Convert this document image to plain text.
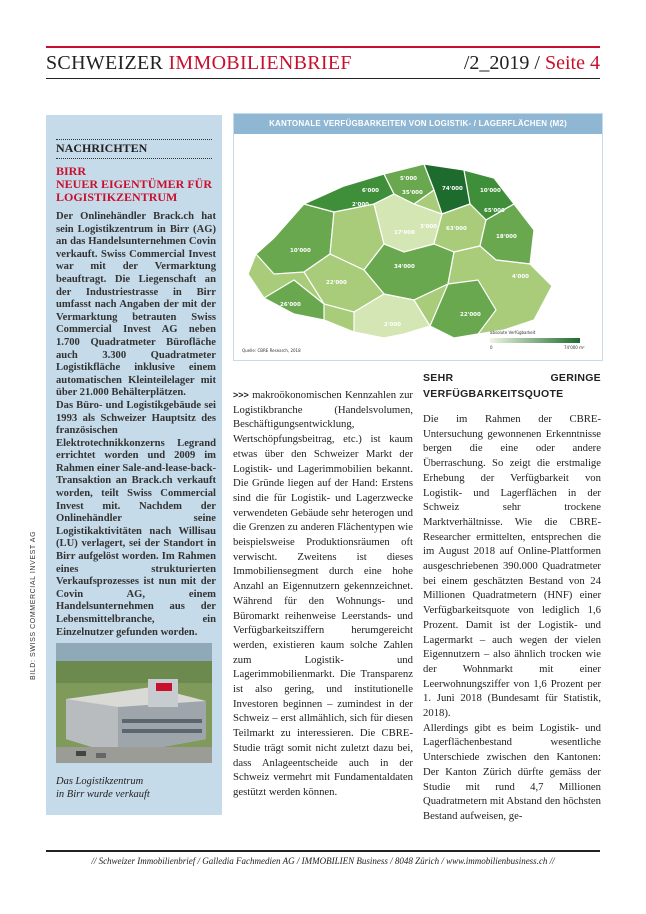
SCHWEIZER IMMOBILIENBRIEF	/2_2019 / Seite 4
NACHRICHTEN
BIRR
NEUER EIGENTÜMER FÜR LOGISTIKZENTRUM

Der Onlinehändler Brack.ch hat sein Logistikzentrum in Birr (AG) an das Handelsunternehmen Covin verkauft. Swiss Commercial Invest war mit der Vermarktung beauftragt. Die Liegenschaft an der Industriestrasse in Birr umfasst nach Angaben der mit der Vermarktung betrauten Swiss Commercial Invest AG neben 1.700 Quadratmeter Bürofläche auch 3.300 Quadratmeter Logistikfläche inklusive einem automatischen Kleinteilelager mit über 21.000 Behälterplätzen.

Das Büro- und Logistikgebäude sei 1993 als Schweizer Hauptsitz des französischen Elektrotechnikkonzerns Legrand errichtet worden und 2009 im Rahmen einer Sale-and-lease-back-Transaktion an Brack.ch verkauft worden, teilt Swiss Commercial Invest mit. Nachdem der Onlinehändler seine Logistikaktivitäten nach Willisau (LU) verlagert, sei der Standort in Birr aufgelöst worden. Im Rahmen eines strukturierten Verkaufsprozesses ist nun mit der Covin AG, einem Handelsunternehmen aus der Lebensmittelbranche, ein Einzelnutzer gefunden worden.

Das Logistikzentrum
in Birr wurde verkauft
BILD: SWISS COMMERCIAL INVEST AG
KANTONALE VERFÜGBARKEITEN VON LOGISTIK- / LAGERFLÄCHEN (M2)
6'000
5'000
35'000
74'000	10'000
2'000
65'000
3'000
17'000
63'000
10'000
18'000
34'000
22'000
4'000
26'000
22'000
2'000
Quelle: CBRE Research, 2018
absolute Verfügbarkeit
0	74'000 m²

>>> makroökonomischen Kennzahlen zur Logistikbranche (Handelsvolumen, Beschäftigungsentwicklung, Wertschöpfungsbeitrag, etc.) ist kaum etwas über den Schweizer Markt der Logistik- und Lagerimmobilien bekannt. Die Gründe liegen auf der Hand: Erstens sind die für Logistik- und Lagerzwecke verwendeten Gebäude sehr heterogen und die Grenzen zu anderen Flächentypen wie beispielsweise Produktionsräumen oft verwischt. Zweitens ist dieses Immobiliensegment durch eine hohe Anzahl an Eigennutzern gekennzeichnet. Während für den Wohnungs- und Büromarkt reihenweise Leerstands- und Verfügbarkeitsziffern herumgereicht werden, existieren kaum solche Zahlen zum Logistik- und Lagerimmobilienmarkt. Die Transparenz ist also gering, und institutionelle Investoren beginnen – zumindest in der Schweiz – erst allmählich, sich für diesen Teilmarkt zu interessieren. Die CBRE-Studie trägt somit nicht zuletzt dazu bei, dass Anlageentscheide auch in der Schweiz vermehrt mit Fundamentaldaten gestützt werden können.

SEHR GERINGE VERFÜGBARKEITSQUOTE

Die im Rahmen der CBRE-Untersuchung gewonnenen Erkenntnisse bergen die eine oder andere Überraschung. So zeigt die erstmalige Erhebung der Verfügbarkeit von Logistik- und Lagerflächen in der Schweiz sehr trockene Marktverhältnisse. Wie die CBRE-Researcher ermittelten, entsprechen die im August 2018 auf Online-Plattformen ausgeschriebenen 390.000 Quadratmeter bei einem geschätzten Bestand von 24 Millionen Quadratmetern (HNF) einer Verfügbarkeitsquote von lediglich 1,6 Prozent. Damit ist der Logistik- und Lagermarkt – auch wegen der vielen Eigennutzern – also ähnlich trocken wie der Wohnmarkt mit einer Leerwohnungsziffer von 1,6 Prozent per 1. Juni 2018 (Bundesamt für Statistik, 2018).

Allerdings gibt es beim Logistik- und Lagerflächenbestand wesentliche Unterschiede zwischen den Kantonen: Der Kanton Zürich dürfte gemäss der Studie mit rund 4,7 Millionen Quadratmetern mit Abstand den höchsten Bestand aufweisen, ge-

// Schweizer Immobilienbrief / Galledia Fachmedien AG / IMMOBILIEN Business / 8048 Zürich / www.immobilienbusiness.ch //
